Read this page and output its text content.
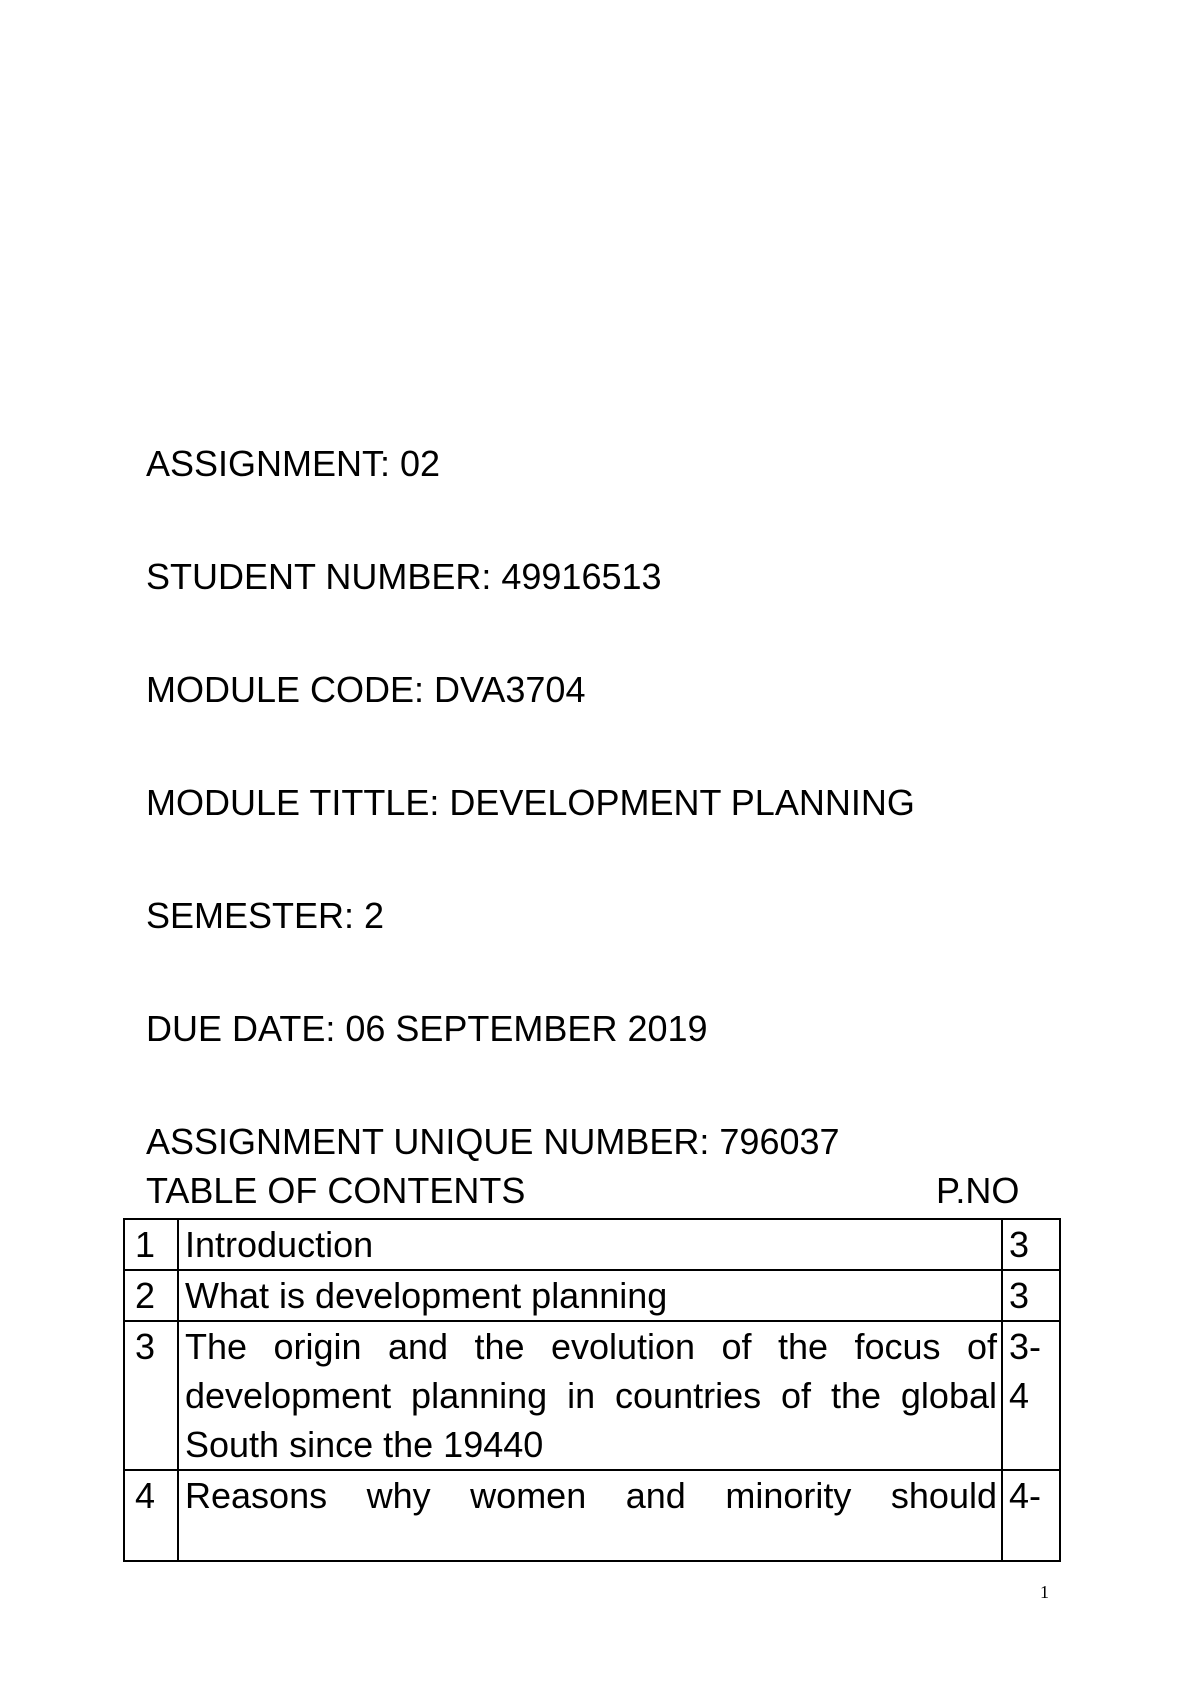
ASSIGNMENT: 02
STUDENT NUMBER: 49916513
MODULE CODE: DVA3704
MODULE TITTLE: DEVELOPMENT PLANNING
SEMESTER: 2
DUE DATE: 06 SEPTEMBER 2019
ASSIGNMENT UNIQUE NUMBER: 796037
TABLE OF CONTENTS	P.NO
1	Introduction	3
2	What is development planning	3
3	The origin and the evolution of the focus of development planning in countries of the global South since the 19440	3-4
4	Reasons why women and minority should	4-
1
